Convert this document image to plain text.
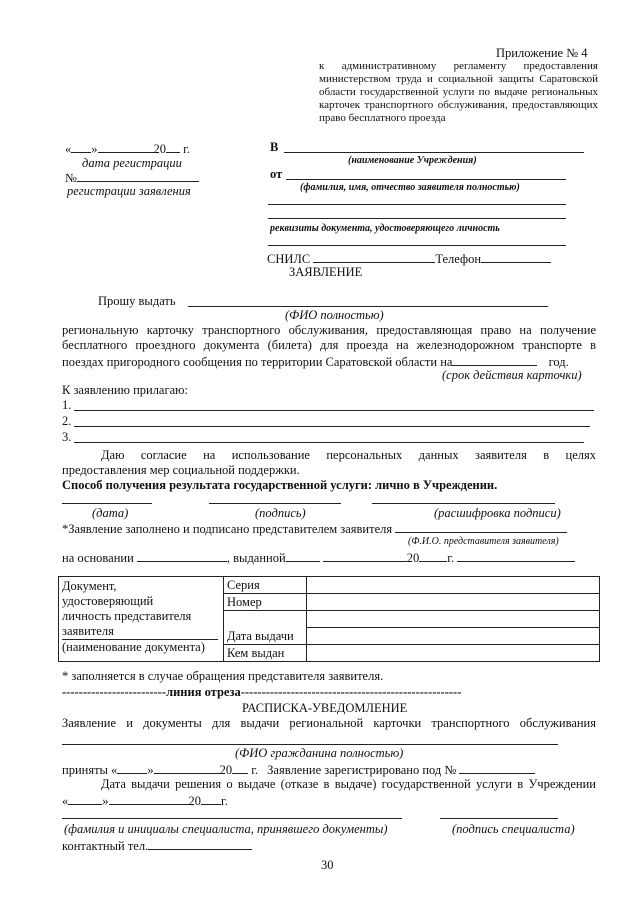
Приложение № 4
к административному регламенту предоставления
министерством труда и социальной защиты Саратовской
области государственной услуги по выдаче региональных
карточек транспортного обслуживания, предоставляющих
право бесплатного проезда
« »	20 г.
дата регистрации
№
регистрации заявления
В
(наименование Учреждения)
от
(фамилия, имя, отчество заявителя полностью)
реквизиты документа, удостоверяющего личность
СНИЛС	Телефон
ЗАЯВЛЕНИЕ
Прошу выдать
(ФИО полностью)
региональную карточку транспортного обслуживания, предоставляющая право на получение
бесплатного проездного документа (билета) для проезда на железнодорожном транспорте в
поездах пригородного сообщения по территории Саратовской области на	год.
(срок действия карточки)
К заявлению прилагаю:
1.
2.
3.
Даю согласие на использование персональных данных заявителя в целях
предоставления мер социальной поддержки.
Способ получения результата государственной услуги: лично в Учреждении.
(дата)	(подпись)	(расшифровка подписи)
*Заявление заполнено и подписано представителем заявителя
(Ф.И.О. представителя заявителя)
на основании	, выданной	20 г.
Документ,
удостоверяющий
личность представителя
заявителя
(наименование документа)	Серия	
	Номер	

	Дата выдачи	
	Кем выдан	
* заполняется в случае обращения представителя заявителя.
-------------------------линия отреза-----------------------------------------------------
РАСПИСКА-УВЕДОМЛЕНИЕ
Заявление и документы для выдачи региональной карточки транспортного обслуживания
(ФИО гражданина полностью)
приняты « »	20 г. Заявление зарегистрировано под №
Дата выдачи решения о выдаче (отказе в выдаче) государственной услуги в Учреждении
«	»	20 г.
(фамилия и инициалы специалиста, принявшего документы)	(подпись специалиста)
контактный тел.
30
